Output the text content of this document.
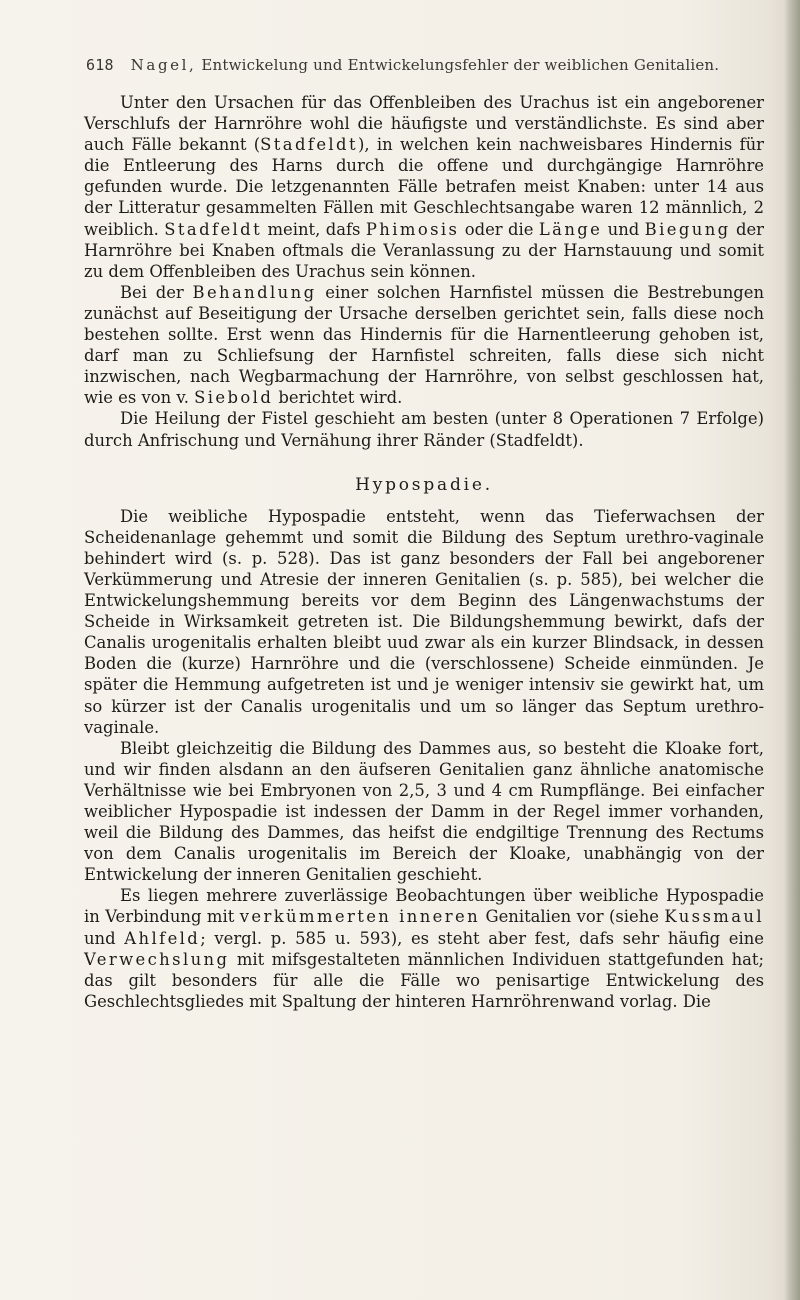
618 Nagel, Entwickelung und Entwickelungsfehler der weiblichen Genitalien.

Unter den Ursachen für das Offenbleiben des Urachus ist ein angeborener Verschlufs der Harnröhre wohl die häufigste und verständlichste. Es sind aber auch Fälle bekannt (Stadfeldt), in welchen kein nachweisbares Hindernis für die Entleerung des Harns durch die offene und durchgängige Harnröhre gefunden wurde. Die letzgenannten Fälle betrafen meist Knaben: unter 14 aus der Litteratur gesammelten Fällen mit Geschlechtsangabe waren 12 männlich, 2 weiblich. Stadfeldt meint, dafs Phimosis oder die Länge und Biegung der Harnröhre bei Knaben oftmals die Veranlassung zu der Harnstauung und somit zu dem Offenbleiben des Urachus sein können.

Bei der Behandlung einer solchen Harnfistel müssen die Bestrebungen zunächst auf Beseitigung der Ursache derselben gerichtet sein, falls diese noch bestehen sollte. Erst wenn das Hindernis für die Harnentleerung gehoben ist, darf man zu Schliefsung der Harnfistel schreiten, falls diese sich nicht inzwischen, nach Wegbarmachung der Harnröhre, von selbst geschlossen hat, wie es von v. Siebold berichtet wird.

Die Heilung der Fistel geschieht am besten (unter 8 Operationen 7 Erfolge) durch Anfrischung und Vernähung ihrer Ränder (Stadfeldt).

Hypospadie.

Die weibliche Hypospadie entsteht, wenn das Tieferwachsen der Scheidenanlage gehemmt und somit die Bildung des Septum urethro-vaginale behindert wird (s. p. 528). Das ist ganz besonders der Fall bei angeborener Verkümmerung und Atresie der inneren Genitalien (s. p. 585), bei welcher die Entwickelungshemmung bereits vor dem Beginn des Längenwachstums der Scheide in Wirksamkeit getreten ist. Die Bildungshemmung bewirkt, dafs der Canalis urogenitalis erhalten bleibt uud zwar als ein kurzer Blindsack, in dessen Boden die (kurze) Harnröhre und die (verschlossene) Scheide einmünden. Je später die Hemmung aufgetreten ist und je weniger intensiv sie gewirkt hat, um so kürzer ist der Canalis urogenitalis und um so länger das Septum urethro-vaginale.

Bleibt gleichzeitig die Bildung des Dammes aus, so besteht die Kloake fort, und wir finden alsdann an den äufseren Genitalien ganz ähnliche anatomische Verhältnisse wie bei Embryonen von 2,5, 3 und 4 cm Rumpflänge. Bei einfacher weiblicher Hypospadie ist indessen der Damm in der Regel immer vorhanden, weil die Bildung des Dammes, das heifst die endgiltige Trennung des Rectums von dem Canalis urogenitalis im Bereich der Kloake, unabhängig von der Entwickelung der inneren Genitalien geschieht.

Es liegen mehrere zuverlässige Beobachtungen über weibliche Hypospadie in Verbindung mit verkümmerten inneren Genitalien vor (siehe Kussmaul und Ahlfeld; vergl. p. 585 u. 593), es steht aber fest, dafs sehr häufig eine Verwechslung mit mifsgestalteten männlichen Individuen stattgefunden hat; das gilt besonders für alle die Fälle wo penisartige Entwickelung des Geschlechtsgliedes mit Spaltung der hinteren Harnröhrenwand vorlag. Die
